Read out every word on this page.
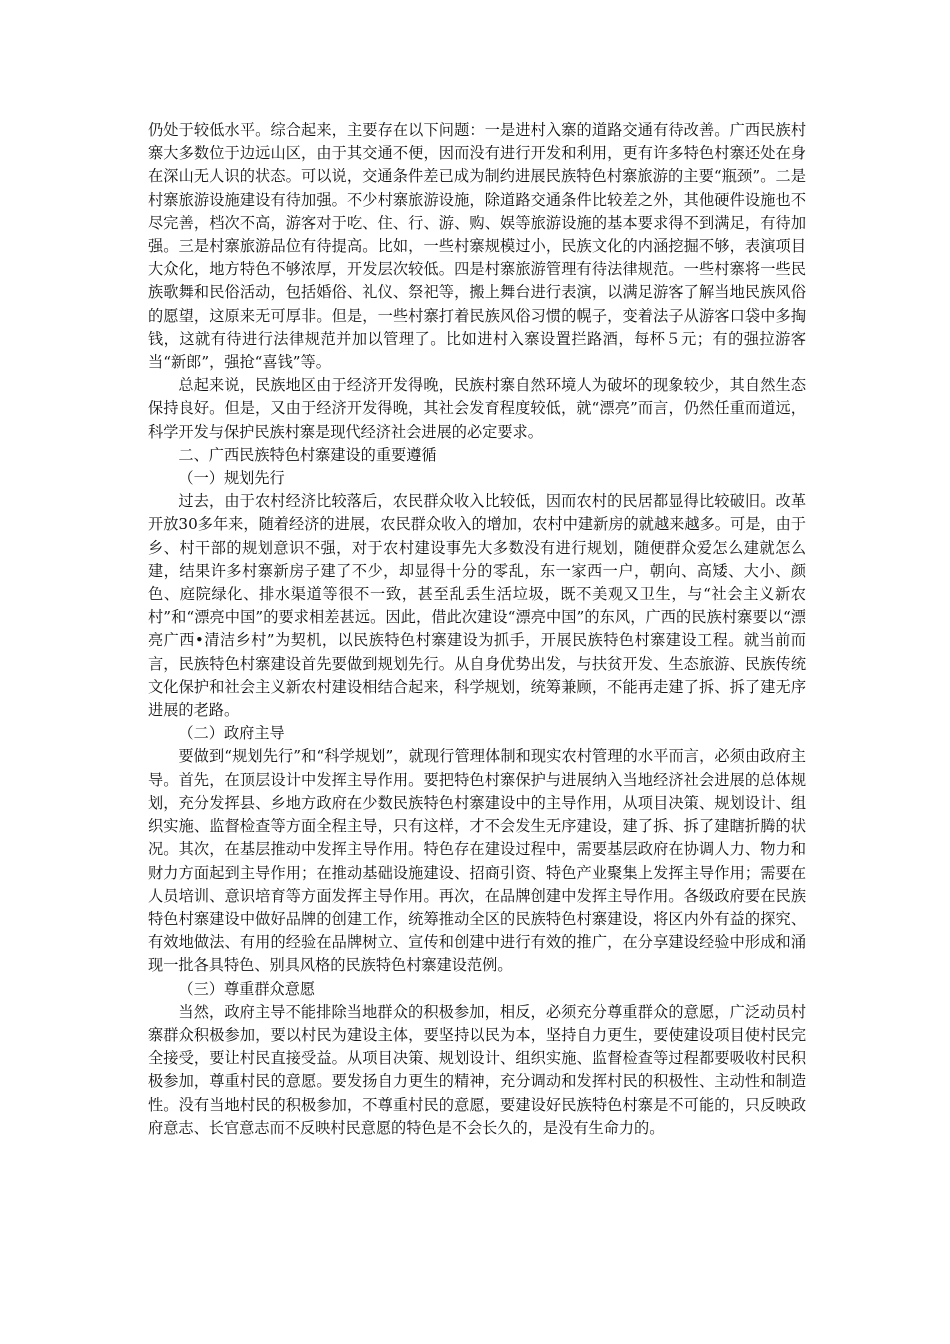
仍处于较低水平。综合起来，主要存在以下问题：一是进村入寨的道路交通有待改善。广西民族村寨大多数位于边远山区，由于其交通不便，因而没有进行开发和利用，更有许多特色村寨还处在身在深山无人识的状态。可以说，交通条件差已成为制约进展民族特色村寨旅游的主要“瓶颈”。二是村寨旅游设施建设有待加强。不少村寨旅游设施，除道路交通条件比较差之外，其他硬件设施也不尽完善，档次不高，游客对于吃、住、行、游、购、娱等旅游设施的基本要求得不到满足，有待加强。三是村寨旅游品位有待提高。比如，一些村寨规模过小，民族文化的内涵挖掘不够，表演项目大众化，地方特色不够浓厚，开发层次较低。四是村寨旅游管理有待法律规范。一些村寨将一些民族歌舞和民俗活动，包括婚俗、礼仪、祭祀等，搬上舞台进行表演，以满足游客了解当地民族风俗的愿望，这原来无可厚非。但是，一些村寨打着民族风俗习惯的幌子，变着法子从游客口袋中多掏钱，这就有待进行法律规范并加以管理了。比如进村入寨设置拦路酒，每杯５元；有的强拉游客当“新郎”，强抢“喜钱”等。

总起来说，民族地区由于经济开发得晚，民族村寨自然环境人为破坏的现象较少，其自然生态保持良好。但是，又由于经济开发得晚，其社会发育程度较低，就“漂亮”而言，仍然任重而道远，科学开发与保护民族村寨是现代经济社会进展的必定要求。

二、广西民族特色村寨建设的重要遵循

（一）规划先行

过去，由于农村经济比较落后，农民群众收入比较低，因而农村的民居都显得比较破旧。改革开放30多年来，随着经济的进展，农民群众收入的增加，农村中建新房的就越来越多。可是，由于乡、村干部的规划意识不强，对于农村建设事先大多数没有进行规划，随便群众爱怎么建就怎么建，结果许多村寨新房子建了不少，却显得十分的零乱，东一家西一户，朝向、高矮、大小、颜色、庭院绿化、排水渠道等很不一致，甚至乱丢生活垃圾，既不美观又卫生，与“社会主义新农村”和“漂亮中国”的要求相差甚远。因此，借此次建设“漂亮中国”的东风，广西的民族村寨要以“漂亮广西•清洁乡村”为契机，以民族特色村寨建设为抓手，开展民族特色村寨建设工程。就当前而言，民族特色村寨建设首先要做到规划先行。从自身优势出发，与扶贫开发、生态旅游、民族传统文化保护和社会主义新农村建设相结合起来，科学规划，统筹兼顾，不能再走建了拆、拆了建无序进展的老路。

（二）政府主导

要做到“规划先行”和“科学规划”，就现行管理体制和现实农村管理的水平而言，必须由政府主导。首先，在顶层设计中发挥主导作用。要把特色村寨保护与进展纳入当地经济社会进展的总体规划，充分发挥县、乡地方政府在少数民族特色村寨建设中的主导作用，从项目决策、规划设计、组织实施、监督检查等方面全程主导，只有这样，才不会发生无序建设，建了拆、拆了建瞎折腾的状况。其次，在基层推动中发挥主导作用。特色存在建设过程中，需要基层政府在协调人力、物力和财力方面起到主导作用；在推动基础设施建设、招商引资、特色产业聚集上发挥主导作用；需要在人员培训、意识培育等方面发挥主导作用。再次，在品牌创建中发挥主导作用。各级政府要在民族特色村寨建设中做好品牌的创建工作，统筹推动全区的民族特色村寨建设，将区内外有益的探究、有效地做法、有用的经验在品牌树立、宣传和创建中进行有效的推广，在分享建设经验中形成和涌现一批各具特色、别具风格的民族特色村寨建设范例。

（三）尊重群众意愿

当然，政府主导不能排除当地群众的积极参加，相反，必须充分尊重群众的意愿，广泛动员村寨群众积极参加，要以村民为建设主体，要坚持以民为本，坚持自力更生，要使建设项目使村民完全接受，要让村民直接受益。从项目决策、规划设计、组织实施、监督检查等过程都要吸收村民积极参加，尊重村民的意愿。要发扬自力更生的精神，充分调动和发挥村民的积极性、主动性和制造性。没有当地村民的积极参加，不尊重村民的意愿，要建设好民族特色村寨是不可能的，只反映政府意志、长官意志而不反映村民意愿的特色是不会长久的，是没有生命力的。
